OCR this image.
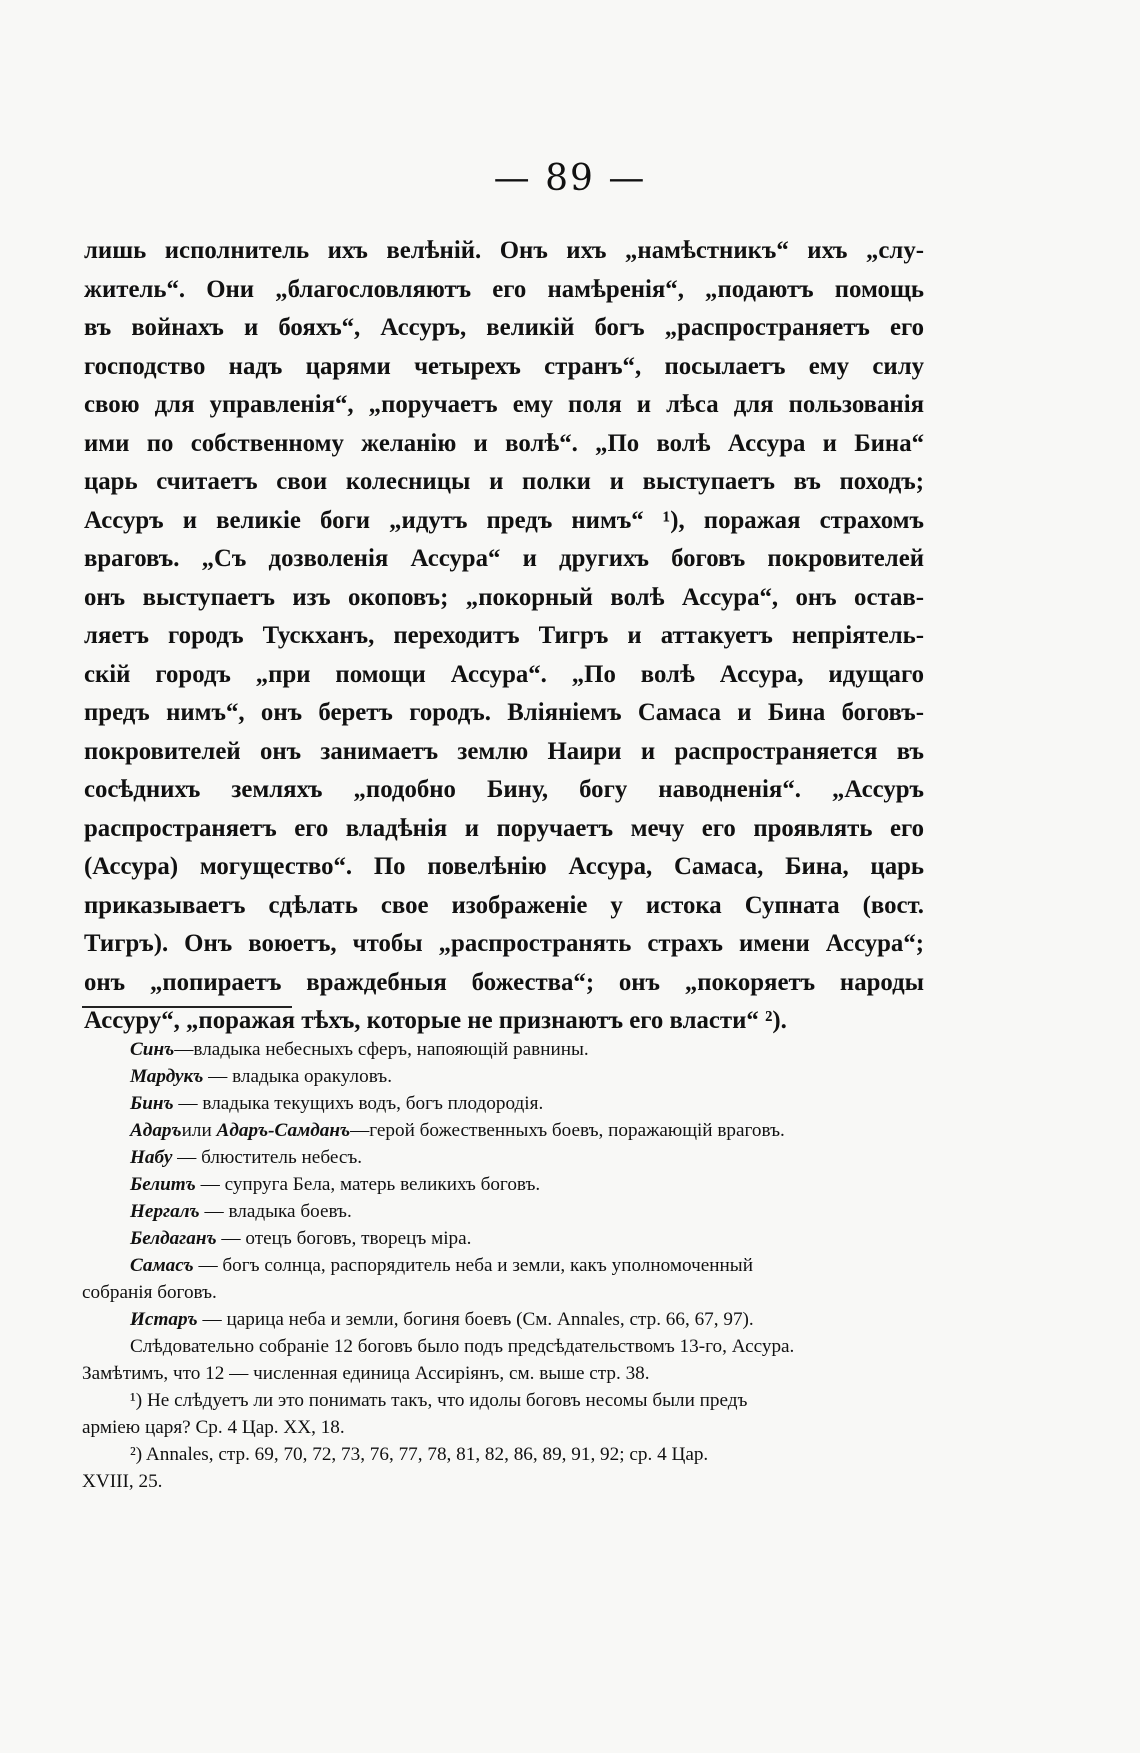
— 89 —
лишь исполнитель ихъ велѣній. Онъ ихъ „намѣстникъ“ ихъ „слу-
житель“. Они „благословляютъ его намѣренія“, „подаютъ помощь
въ войнахъ и бояхъ“, Ассуръ, великій богъ „распространяетъ его
господство надъ царями четырехъ странъ“, посылаетъ ему силу
свою для управленія“, „поручаетъ ему поля и лѣса для пользованія
ими по собственному желанію и волѣ“. „По волѣ Ассура и Бина“
царь считаетъ свои колесницы и полки и выступаетъ въ походъ;
Ассуръ и великіе боги „идутъ предъ нимъ“ ¹), поражая страхомъ
враговъ. „Съ дозволенія Ассура“ и другихъ боговъ покровителей
онъ выступаетъ изъ окоповъ; „покорный волѣ Ассура“, онъ остав-
ляетъ городъ Тускханъ, переходитъ Тигръ и аттакуетъ непріятель-
скій городъ „при помощи Ассура“. „По волѣ Ассура, идущаго
предъ нимъ“, онъ беретъ городъ. Вліяніемъ Самаса и Бина боговъ-
покровителей онъ занимаетъ землю Наири и распространяется въ
сосѣднихъ земляхъ „подобно Бину, богу наводненія“. „Ассуръ
распространяетъ его владѣнія и поручаетъ мечу его проявлять его
(Ассура) могущество“. По повелѣнію Ассура, Самаса, Бина, царь
приказываетъ сдѣлать свое изображеніе у истока Супната (вост.
Тигръ). Онъ воюетъ, чтобы „распространять страхъ имени Ассура“;
онъ „попираетъ враждебныя божества“; онъ „покоряетъ народы
Ассуру“, „поражая тѣхъ, которые не признаютъ его власти“ ²).
Синъ—владыка небесныхъ сферъ, напояющій равнины.
Мардукъ — владыка оракуловъ.
Бинъ — владыка текущихъ водъ, богъ плодородія.
Адаръили Адаръ-Самданъ—герой божественныхъ боевъ, поражающій враговъ.
Набу — блюститель небесъ.
Белитъ — супруга Бела, матерь великихъ боговъ.
Нергалъ — владыка боевъ.
Белдаганъ — отецъ боговъ, творецъ міра.
Самасъ — богъ солнца, распорядитель неба и земли, какъ уполномоченный
собранія боговъ.
Истаръ — царица неба и земли, богиня боевъ (См. Annales, стр. 66, 67, 97).
Слѣдовательно собраніе 12 боговъ было подъ предсѣдательствомъ 13-го, Ассура.
Замѣтимъ, что 12 — численная единица Ассиріянъ, см. выше стр. 38.
¹) Не слѣдуетъ ли это понимать такъ, что идолы боговъ несомы были предъ
арміею царя? Ср. 4 Цар. XX, 18.
²) Annales, стр. 69, 70, 72, 73, 76, 77, 78, 81, 82, 86, 89, 91, 92; ср. 4 Цар.
XVIII, 25.
